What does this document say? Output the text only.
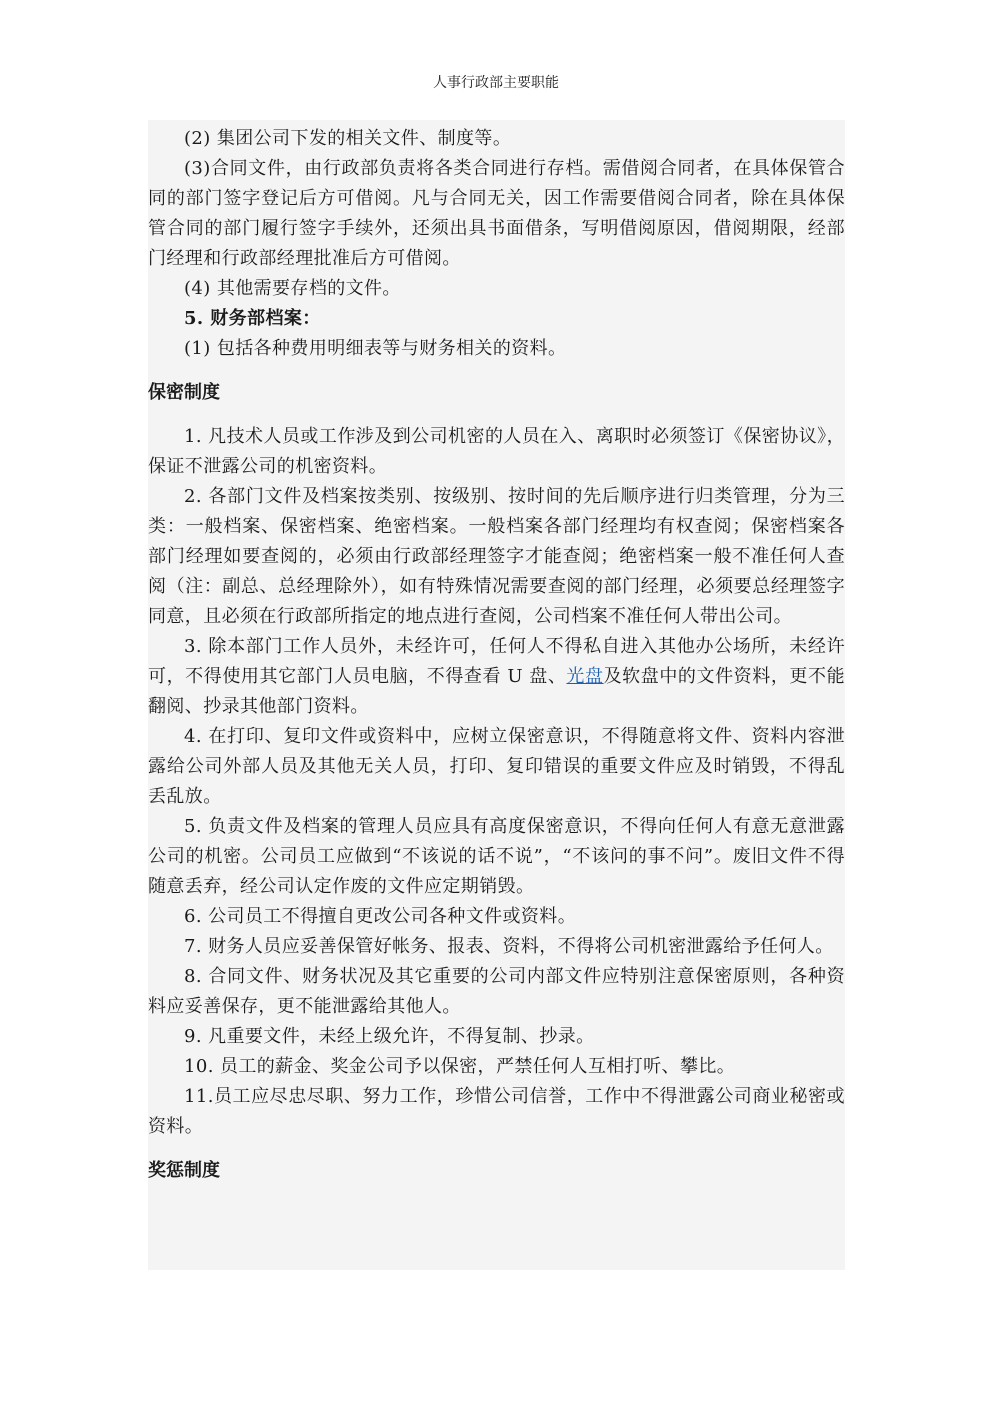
人事行政部主要职能

(2) 集团公司下发的相关文件、制度等。

(3)合同文件，由行政部负责将各类合同进行存档。需借阅合同者，在具体保管合同的部门签字登记后方可借阅。凡与合同无关，因工作需要借阅合同者，除在具体保管合同的部门履行签字手续外，还须出具书面借条，写明借阅原因，借阅期限，经部门经理和行政部经理批准后方可借阅。

(4) 其他需要存档的文件。

5. 财务部档案：

(1) 包括各种费用明细表等与财务相关的资料。

保密制度

1. 凡技术人员或工作涉及到公司机密的人员在入、离职时必须签订《保密协议》，保证不泄露公司的机密资料。

2. 各部门文件及档案按类别、按级别、按时间的先后顺序进行归类管理，分为三类：一般档案、保密档案、绝密档案。一般档案各部门经理均有权查阅；保密档案各部门经理如要查阅的，必须由行政部经理签字才能查阅；绝密档案一般不准任何人查阅（注：副总、总经理除外），如有特殊情况需要查阅的部门经理，必须要总经理签字同意，且必须在行政部所指定的地点进行查阅，公司档案不准任何人带出公司。

3. 除本部门工作人员外，未经许可，任何人不得私自进入其他办公场所，未经许可，不得使用其它部门人员电脑，不得查看 U 盘、光盘及软盘中的文件资料，更不能翻阅、抄录其他部门资料。

4. 在打印、复印文件或资料中，应树立保密意识，不得随意将文件、资料内容泄露给公司外部人员及其他无关人员，打印、复印错误的重要文件应及时销毁，不得乱丢乱放。

5. 负责文件及档案的管理人员应具有高度保密意识，不得向任何人有意无意泄露公司的机密。公司员工应做到“不该说的话不说”，“不该问的事不问”。废旧文件不得随意丢弃，经公司认定作废的文件应定期销毁。

6. 公司员工不得擅自更改公司各种文件或资料。

7. 财务人员应妥善保管好帐务、报表、资料，不得将公司机密泄露给予任何人。

8. 合同文件、财务状况及其它重要的公司内部文件应特别注意保密原则，各种资料应妥善保存，更不能泄露给其他人。

9. 凡重要文件，未经上级允许，不得复制、抄录。

10. 员工的薪金、奖金公司予以保密，严禁任何人互相打听、攀比。

11.员工应尽忠尽职、努力工作，珍惜公司信誉，工作中不得泄露公司商业秘密或资料。

奖惩制度
